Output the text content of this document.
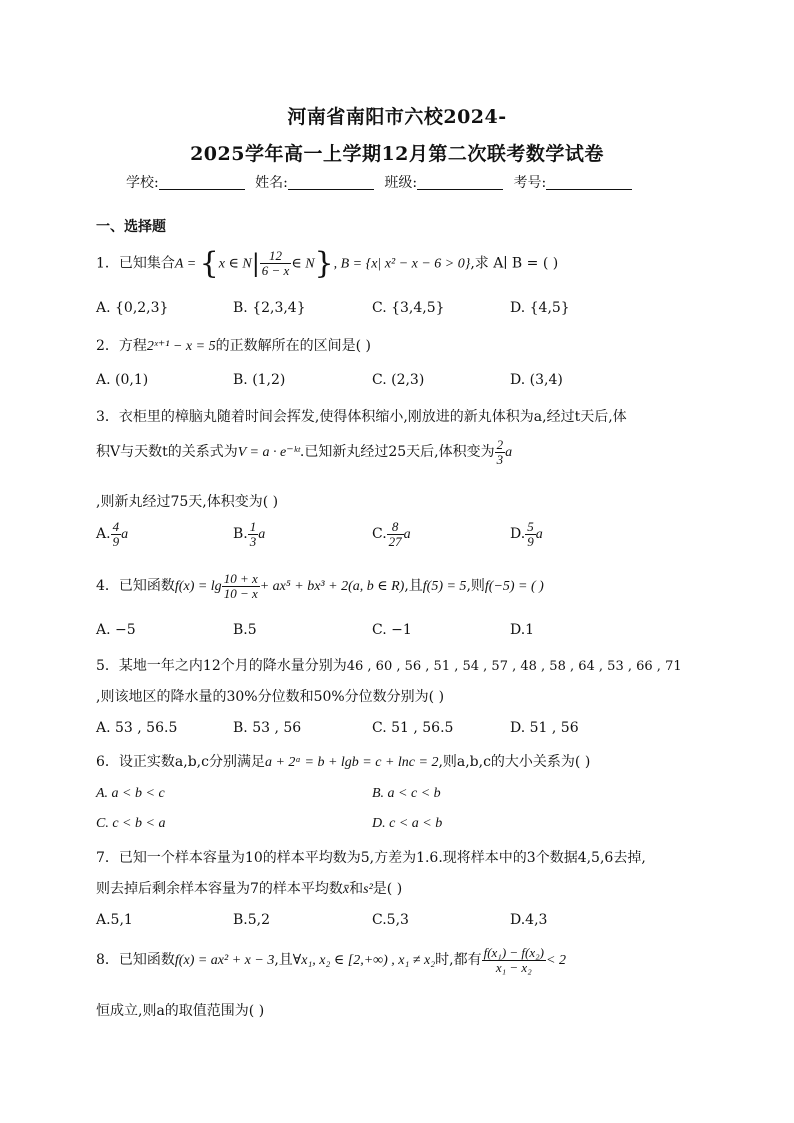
河南省南阳市六校2024-
2025学年高一上学期12月第二次联考数学试卷
学校:	姓名:	班级:	考号:
一、选择题
1．已知集合A = {x ∈ $N| \frac{12}{6 - x}$ ∈ N}, B = {x| x² − x − 6 > 0},求 A∣ B = ( )
A. {0,2,3}	B. {2,3,4}	C. {3,4,5}	D. {4,5}
2．方程2ˣ⁺¹ − x = 5的正数解所在的区间是( )
A. (0,1)	B. (1,2)	C. (2,3)	D. (3,4)
3．衣柜里的樟脑丸随着时间会挥发,使得体积缩小,刚放进的新丸体积为a,经过t天后,体
积V与天数t的关系式为V = a · e⁻ᵏᵗ.已知新丸经过25天后,体积变为 $\frac{2}{3}$ a
,则新丸经过75天,体积变为( )
A. $\frac{4}{9}$ a	B. $\frac{1}{3}$ a	C. $\frac{8}{27}$ a	D. $\frac{5}{9}$ a
4．已知函数$f(x) = \lg \frac{10 + x}{10 - x} + ax^5 + bx^3 + 2(a$, b ∈ R),且f(5) = 5,则f(−5) = ( )
A. −5	B.5	C. −1	D.1
5．某地一年之内12个月的降水量分别为46 , 60 , 56 , 51 , 54 , 57 , 48 , 58 , 64 , 53 , 66 , 71
,则该地区的降水量的30%分位数和50%分位数分别为( )
A. 53 , 56.5	B. 53 , 56	C. 51 , 56.5	D. 51 , 56
6．设正实数a,b,c分别满足a + 2ᵃ = b + lgb = c + lnc = 2,则a,b,c的大小关系为( )
A. a < b < c	B. a < c < b
C. c < b < a	D. c < a < b
7．已知一个样本容量为10的样本平均数为5,方差为1.6.现将样本中的3个数据4,5,6去掉,
则去掉后剩余样本容量为7的样本平均数x̄和s²是( )
A.5,1	B.5,2	C.5,3	D.4,3
8．已知函数f(x) = ax² + x − 3,且∀x₁, x₂ ∈ [2,+∞) , x₁ ≠ x₂时,都有 $\frac{\text{f(x₁) − f(x₂)}}{\text{x₁ − x₂}} < 2$
恒成立,则a的取值范围为( )
